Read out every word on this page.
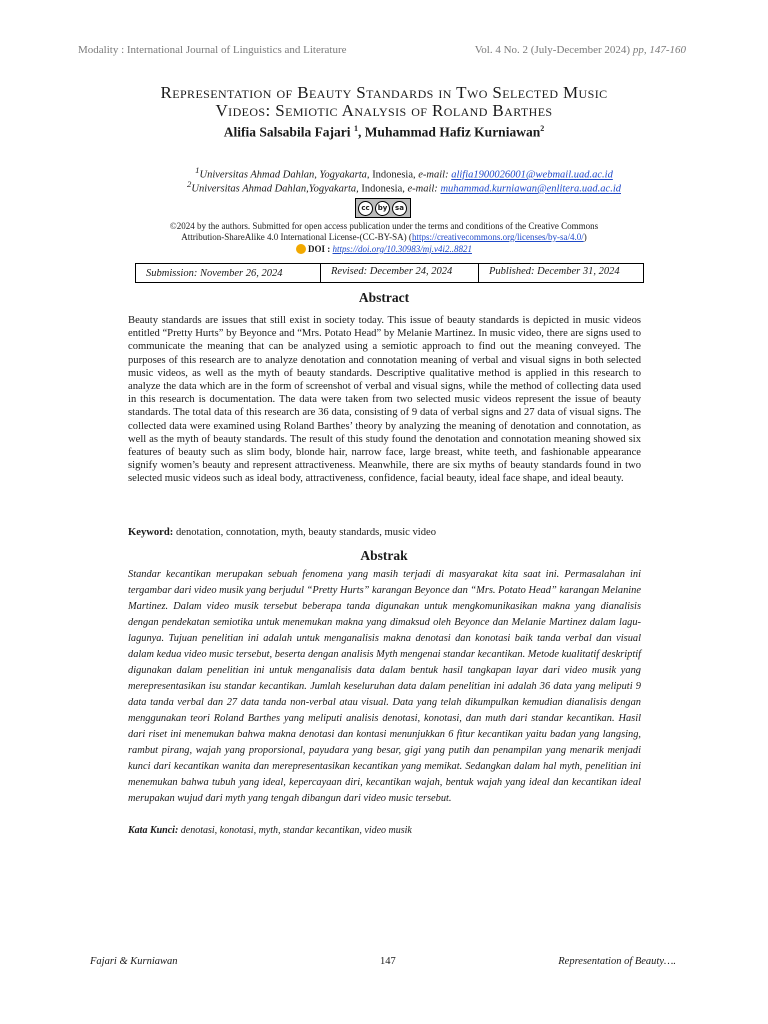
Modality : International Journal of Linguistics and Literature	Vol. 4 No. 2 (July-December 2024) pp, 147-160
Representation of Beauty Standards in Two Selected Music
Videos: Semiotic Analysis of Roland Barthes
Alifia Salsabila Fajari $^1$, Muhammad Hafiz Kurniawan$^2$
$^1$Universitas Ahmad Dahlan, Yogyakarta, Indonesia, e-mail: alifia1900026001@webmail.uad.ac.id
$^2$Universitas Ahmad Dahlan,Yogyakarta, Indonesia, e-mail: muhammad.kurniawan@enlitera.uad.ac.id
cc	by	sa
©2024 by the authors. Submitted for open access publication under the terms and conditions of the Creative Commons
Attribution-ShareAlike 4.0 International License-(CC-BY-SA) (https://creativecommons.org/licenses/by-sa/4.0/)
DOI : https://doi.org/10.30983/mj.v4i2..8821
Submission: November 26, 2024	Revised: December 24, 2024	Published: December 31, 2024
Abstract
Beauty standards are issues that still exist in society today. This issue of beauty standards is depicted in music videos entitled “Pretty Hurts” by Beyonce and “Mrs. Potato Head” by Melanie Martinez. In music video, there are signs used to communicate the meaning that can be analyzed using a semiotic approach to find out the meaning conveyed. The purposes of this research are to analyze denotation and connotation meaning of verbal and visual signs in both selected music videos, as well as the myth of beauty standards. Descriptive qualitative method is applied in this research to analyze the data which are in the form of screenshot of verbal and visual signs, while the method of collecting data used in this research is documentation. The data were taken from two selected music videos represent the issue of beauty standards. The total data of this research are 36 data, consisting of 9 data of verbal signs and 27 data of visual signs. The collected data were examined using Roland Barthes’ theory by analyzing the meaning of denotation and connotation, as well as the myth of beauty standards. The result of this study found the denotation and connotation meaning showed six features of beauty such as slim body, blonde hair, narrow face, large breast, white teeth, and fashionable appearance signify women’s beauty and represent attractiveness. Meanwhile, there are six myths of beauty standards found in two selected music videos such as ideal body, attractiveness, confidence, facial beauty, ideal face shape, and ideal beauty.
Keyword: denotation, connotation, myth, beauty standards, music video
Abstrak
Standar kecantikan merupakan sebuah fenomena yang masih terjadi di masyarakat kita saat ini. Permasalahan ini tergambar dari video musik yang berjudul “Pretty Hurts” karangan Beyonce dan “Mrs. Potato Head” karangan Melanine Martinez. Dalam video musik tersebut beberapa tanda digunakan untuk mengkomunikasikan makna yang dianalisis dengan pendekatan semiotika untuk menemukan makna yang dimaksud oleh Beyonce dan Melanie Martinez dalam lagu-lagunya. Tujuan penelitian ini adalah untuk menganalisis makna denotasi dan konotasi baik tanda verbal dan visual dalam kedua video music tersebut, beserta dengan analisis Myth mengenai standar kecantikan. Metode kualitatif deskriptif digunakan dalam penelitian ini untuk menganalisis data dalam bentuk hasil tangkapan layar dari video musik yang merepresentasikan isu standar kecantikan. Jumlah keseluruhan data dalam penelitian ini adalah 36 data yang meliputi 9 data tanda verbal dan 27 data tanda non-verbal atau visual. Data yang telah dikumpulkan kemudian dianalisis dengan menggunakan teori Roland Barthes yang meliputi analisis denotasi, konotasi, dan muth dari standar kecantikan. Hasil dari riset ini menemukan bahwa makna denotasi dan kontasi menunjukkan 6 fitur kecantikan yaitu badan yang langsing, rambut pirang, wajah yang proporsional, payudara yang besar, gigi yang putih dan penampilan yang menarik menjadi kunci dari kecantikan wanita dan merepresentasikan kecantikan yang memikat. Sedangkan dalam hal myth, penelitian ini menemukan bahwa tubuh yang ideal, kepercayaan diri, kecantikan wajah, bentuk wajah yang ideal dan kecantikan ideal merupakan wujud dari myth yang tengah dibangun dari video music tersebut.
Kata Kunci: denotasi, konotasi, myth, standar kecantikan, video musik
Fajari & Kurniawan	147	Representation of Beauty….
